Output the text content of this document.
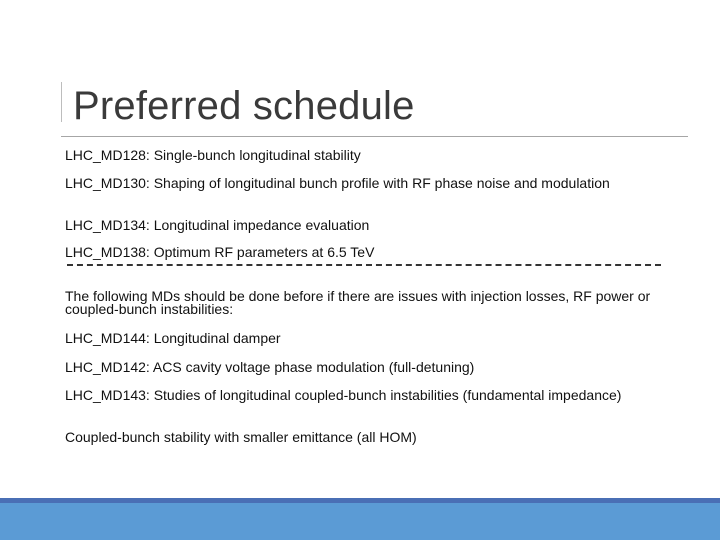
Preferred schedule
LHC_MD128: Single-bunch longitudinal stability
LHC_MD130: Shaping of longitudinal bunch profile with RF phase noise and modulation
LHC_MD134: Longitudinal impedance evaluation
LHC_MD138: Optimum RF parameters at 6.5 TeV
The following MDs should be done before if there are issues with injection losses, RF power or coupled-bunch instabilities:
LHC_MD144: Longitudinal damper
LHC_MD142: ACS cavity voltage phase modulation (full-detuning)
LHC_MD143: Studies of longitudinal coupled-bunch instabilities (fundamental impedance)
Coupled-bunch stability with smaller emittance (all HOM)
